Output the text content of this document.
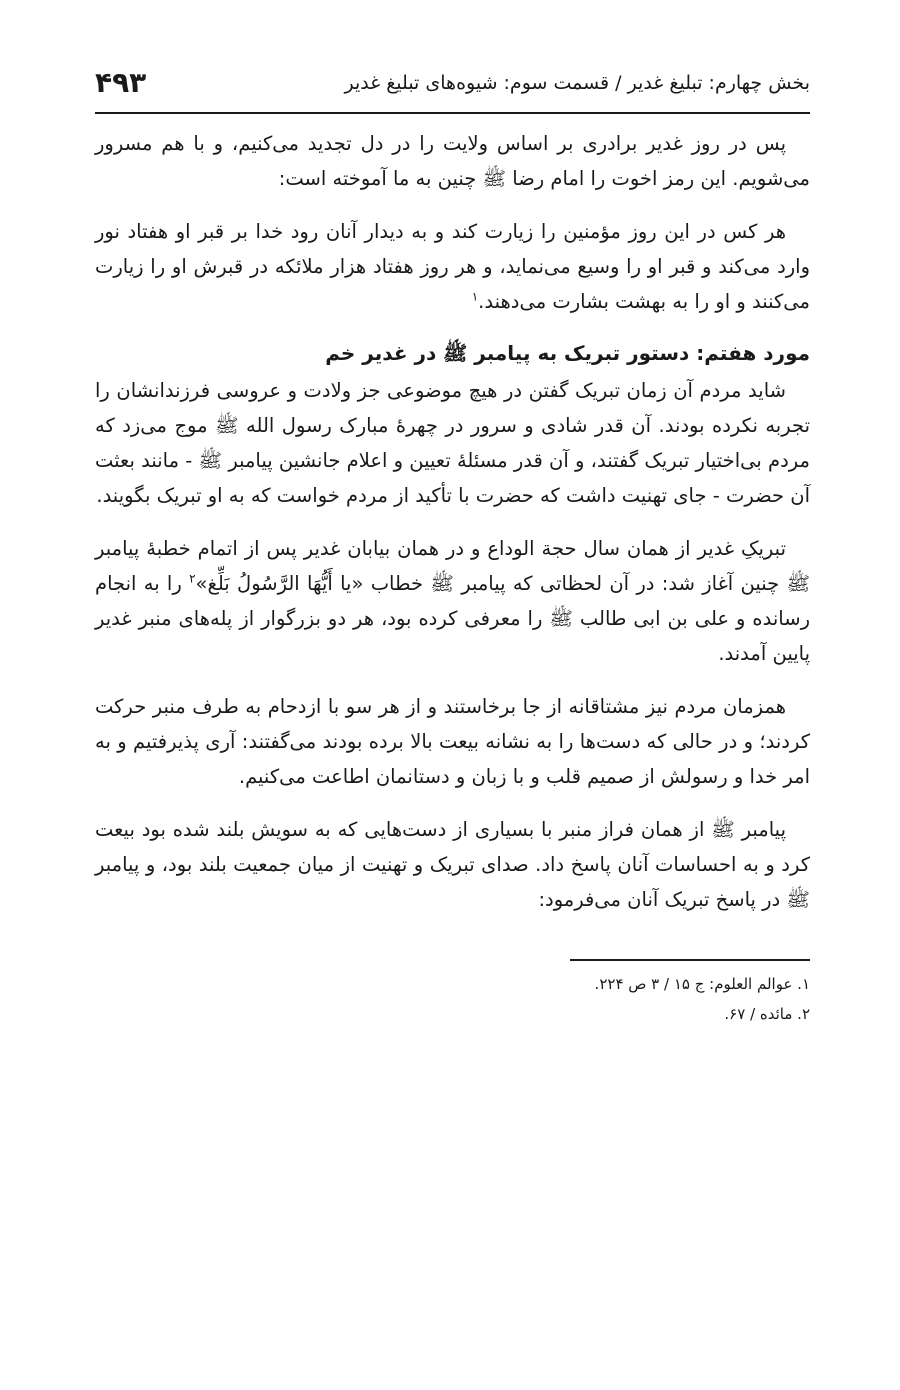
بخش چهارم: تبلیغ غدیر / قسمت سوم: شیوه‌های تبلیغ غدیر
۴۹۳

پس در روز غدیر برادری بر اساس ولایت را در دل تجدید می‌کنیم، و با هم مسرور می‌شویم. این رمز اخوت را امام رضا ﷺ چنین به ما آموخته است:

هر کس در این روز مؤمنین را زیارت کند و به دیدار آنان رود خدا بر قبر او هفتاد نور وارد می‌کند و قبر او را وسیع می‌نماید، و هر روز هفتاد هزار ملائکه در قبرش او را زیارت می‌کنند و او را به بهشت بشارت می‌دهند.$^۱$

مورد هفتم: دستور تبریک به پیامبر ﷺ در غدیر خم

شاید مردم آن زمان تبریک گفتن در هیچ موضوعی جز ولادت و عروسی فرزندانشان را تجربه نکرده بودند. آن قدر شادی و سرور در چهرۀ مبارک رسول الله ﷺ موج می‌زد که مردم بی‌اختیار تبریک گفتند، و آن قدر مسئلۀ تعیین و اعلام جانشین پیامبر ﷺ - مانند بعثت آن حضرت - جای تهنیت داشت که حضرت با تأکید از مردم خواست که به او تبریک بگویند.

تبریکِ غدیر از همان سال حجة الوداع و در همان بیابان غدیر پس از اتمام خطبۀ پیامبر ﷺ چنین آغاز شد: در آن لحظاتی که پیامبر ﷺ خطاب «یا أَیُّهَا الرَّسُولُ بَلِّغ»$^۲$ را به انجام رسانده و علی بن ابی طالب ﷺ را معرفی کرده بود، هر دو بزرگوار از پله‌های منبر غدیر پایین آمدند.

همزمان مردم نیز مشتاقانه از جا برخاستند و از هر سو با ازدحام به طرف منبر حرکت کردند؛ و در حالی که دست‌ها را به نشانه بیعت بالا برده بودند می‌گفتند: آری پذیرفتیم و به امر خدا و رسولش از صمیم قلب و با زبان و دستانمان اطاعت می‌کنیم.

پیامبر ﷺ از همان فراز منبر با بسیاری از دست‌هایی که به سویش بلند شده بود بیعت کرد و به احساسات آنان پاسخ داد. صدای تبریک و تهنیت از میان جمعیت بلند بود، و پیامبر ﷺ در پاسخ تبریک آنان می‌فرمود:

۱. عوالم العلوم: ج ۱۵ / ۳ ص ۲۲۴.

۲. مائده / ۶۷.
